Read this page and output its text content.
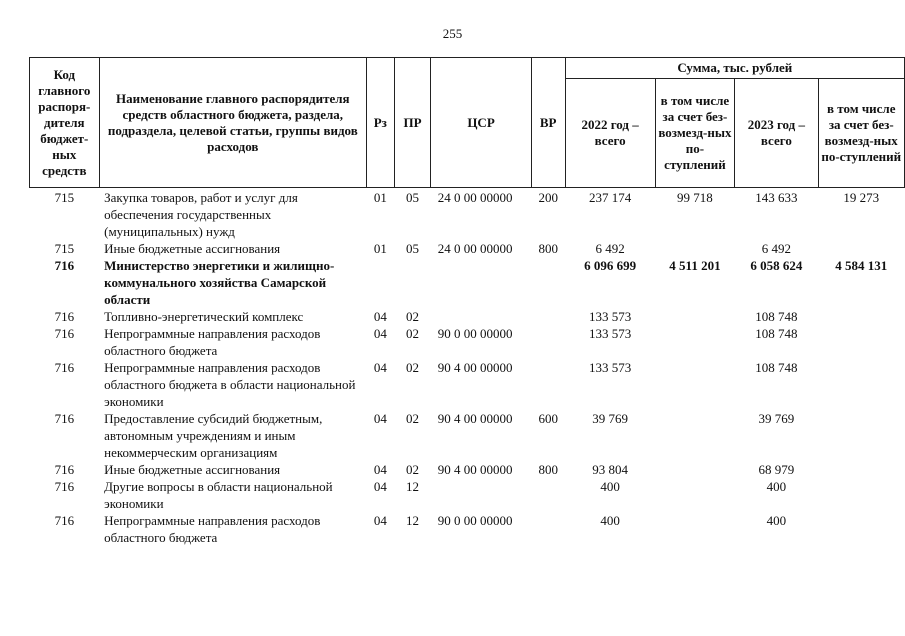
255
Код главного распоря-дителя бюджет-ных средств	Наименование главного распорядителя средств областного бюджета, раздела, подраздела, целевой статьи, группы видов расходов	Рз	ПР	ЦСР	ВР	Сумма, тыс. рублей			
						2022 год – всего	в том числе за счет без-возмезд-ных по-ступлений	2023 год – всего	в том числе за счет без-возмезд-ных по-ступлений
715	Закупка товаров, работ и услуг для обеспечения государственных (муниципальных) нужд	01	05	24 0 00 00000	200	237 174	99 718	143 633	19 273
715	Иные бюджетные ассигнования	01	05	24 0 00 00000	800	6 492		6 492	
716	Министерство энергетики и жилищно-коммунального хозяйства Самарской области					6 096 699	4 511 201	6 058 624	4 584 131
716	Топливно-энергетический комплекс	04	02			133 573		108 748	
716	Непрограммные направления расходов областного бюджета	04	02	90 0 00 00000		133 573		108 748	
716	Непрограммные направления расходов областного бюджета в области национальной экономики	04	02	90 4 00 00000		133 573		108 748	
716	Предоставление субсидий бюджетным, автономным учреждениям и иным некоммерческим организациям	04	02	90 4 00 00000	600	39 769		39 769	
716	Иные бюджетные ассигнования	04	02	90 4 00 00000	800	93 804		68 979	
716	Другие вопросы в области национальной экономики	04	12			400		400	
716	Непрограммные направления расходов областного бюджета	04	12	90 0 00 00000		400		400	
